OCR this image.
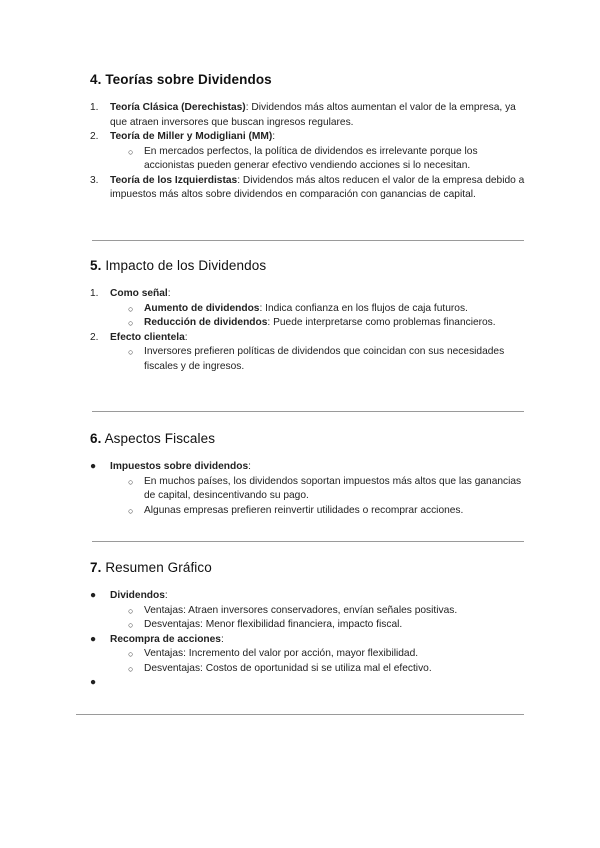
4. Teorías sobre Dividendos
1.	Teoría Clásica (Derechistas): Dividendos más altos aumentan el valor de la empresa, ya que atraen inversores que buscan ingresos regulares.
2.	Teoría de Miller y Modigliani (MM):
○	En mercados perfectos, la política de dividendos es irrelevante porque los accionistas pueden generar efectivo vendiendo acciones si lo necesitan.
3.	Teoría de los Izquierdistas: Dividendos más altos reducen el valor de la empresa debido a impuestos más altos sobre dividendos en comparación con ganancias de capital.
5. Impacto de los Dividendos
1.	Como señal:
○	Aumento de dividendos: Indica confianza en los flujos de caja futuros.
○	Reducción de dividendos: Puede interpretarse como problemas financieros.
2.	Efecto clientela:
○	Inversores prefieren políticas de dividendos que coincidan con sus necesidades fiscales y de ingresos.
6. Aspectos Fiscales
●	Impuestos sobre dividendos:
○	En muchos países, los dividendos soportan impuestos más altos que las ganancias de capital, desincentivando su pago.
○	Algunas empresas prefieren reinvertir utilidades o recomprar acciones.
7. Resumen Gráfico
●	Dividendos:
○	Ventajas: Atraen inversores conservadores, envían señales positivas.
○	Desventajas: Menor flexibilidad financiera, impacto fiscal.
●	Recompra de acciones:
○	Ventajas: Incremento del valor por acción, mayor flexibilidad.
○	Desventajas: Costos de oportunidad si se utiliza mal el efectivo.
●
